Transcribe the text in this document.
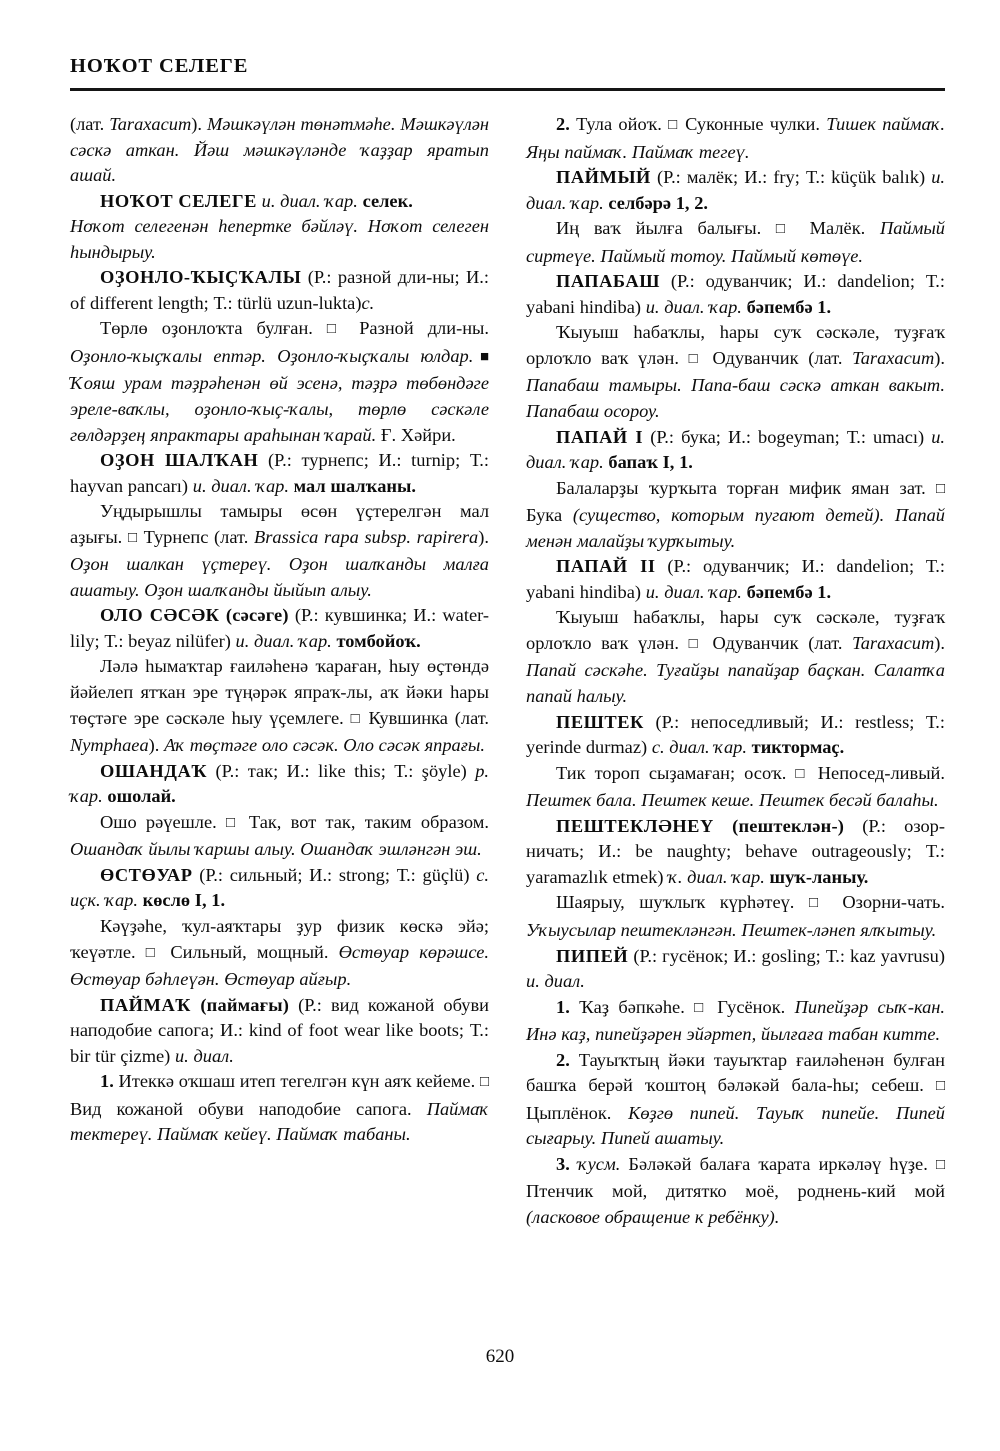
НОҠОТ СЕЛЕГЕ

(лат. Taraxacum). Мәшкәүлән төнәтмәһе. Мәшкәүлән сәскә аткан. Йәш мәшкәүләнде ҡаҙҙар яратып ашай.

НОҠОТ СЕЛЕГЕ и. диал. ҡар. селек.

Ноҡот селегенән һепертке бәйләү. Ноҡот селеген һындырыу.

ОҘОНЛО-ҠЫҪҠАЛЫ (Р.: разной дли-ны; И.: of different length; Т.: türlü uzun-lukta)с.

Төрлө оҙонлоҡта булған. □ Разной дли-ны. Оҙонло-ҡыҫҡалы ептәр. Оҙонло-ҡыҫҡалы юлдар.■ Ҡояш урам тәҙрәһенән өй эсенә, тәҙрә төбөндәге эреле-ваҡлы, оҙонло-ҡыҫ-ҡалы, төрлө сәскәле гөлдәрҙең япрактары араһынан ҡарай. Ғ. Хәйри.

ОҘОН ШАЛҠАН (Р.: турнепс; И.: turnip; Т.: hayvan pancarı) и. диал. ҡар. мал шалҡаны.

Уңдырышлы тамыры өсөн үҫтерелгән мал аҙығы. □ Турнепс (лат. Brassica rapa subsp. rapirera). Оҙон шалкан үҫтереү. Оҙон шалҡанды малға ашатыу. Оҙон шалҡанды йыйып алыу.

ОЛО СӘСӘК (сәсәге) (Р.: кувшинка; И.: water-lily; Т.: beyaz nilüfer) и. диал. ҡар. томбойоҡ.

Ләлә һымаҡтар ғаиләһенә ҡараған, һыу өҫтөндә йәйелеп ятҡан эре түңәрәк япраҡ-лы, аҡ йәки һары төҫтәге эре сәскәле һыу үҫемлеге. □ Кувшинка (лат. Nymphaea). Аҡ төҫтәге оло сәсәк. Оло сәсәк япрағы.

ОШАНДАҠ (Р.: так; И.: like this; Т.: şöyle) р. ҡар. ошолай.

Ошо рәүешле. □ Так, вот так, таким образом. Ошандаҡ йылы ҡаршы алыу. Ошандаҡ эшләнгән эш.

ӨСТӨУАР (Р.: сильный; И.: strong; Т.: güçlü) с. иҫк. ҡар. көслө I, 1.

Кәүҙәһе, ҡул-аяҡтары ҙур физик көскә эйә; ҡеүәтле. □ Сильный, мощный. Өстөуар көрәшсе. Өстөуар бәһлеүән. Өстөуар айғыр.

ПАЙМАҠ (паймағы) (Р.: вид кожаной обуви наподобие сапога; И.: kind of foot wear like boots; Т.: bir tür çizme) и. диал.

1. Итеккә оҡшаш итеп тегелгән күн аяҡ кейеме. □ Вид кожаной обуви наподобие сапога. Паймаҡ тектереү. Паймаҡ кейеү. Паймаҡ табаны.

2. Тула ойоҡ. □ Суконные чулки. Тишек паймаҡ. Яңы паймаҡ. Паймаҡ тегеү.

ПАЙМЫЙ (Р.: малёк; И.: fry; Т.: küçük balık) и. диал. ҡар. селбәрә 1, 2.

Иң ваҡ йылға балығы. □ Малёк. Паймый сиртеүе. Паймый тотоу. Паймый көтөүе.

ПАПАБАШ (Р.: одуванчик; И.: dandelion; Т.: yabani hindiba) и. диал. ҡар. бәпембә 1.

Ҡыуыш һабаҡлы, һары суҡ сәскәле, туҙғаҡ орлоҡло ваҡ үлән. □ Одуванчик (лат. Taraxacum). Папабаш тамыры. Папа-баш сәскә аткан вакыт. Папабаш осороу.

ПАПАЙ I (Р.: бука; И.: bogeyman; Т.: umacı) и. диал. ҡар. бапаҡ I, 1.

Балаларҙы ҡурҡыта торған мифик яман зат. □ Бука (существо, которым пугают детей). Папай менән малайҙы ҡурҡытыу.

ПАПАЙ II (Р.: одуванчик; И.: dandelion; Т.: yabani hindiba) и. диал. ҡар. бәпембә 1.

Ҡыуыш һабаҡлы, һары суҡ сәскәле, туҙғаҡ орлоҡло ваҡ үлән. □ Одуванчик (лат. Taraxacum). Папай сәскәһе. Туғайҙы папайҙар баҫкан. Салатҡа папай һалыу.

ПЕШТЕК (Р.: непоседливый; И.: restless; Т.: yerinde durmaz) с. диал. ҡар. тиктормаҫ.

Тик тороп сыҙамаған; осоҡ. □ Непосед-ливый. Пештек бала. Пештек кеше. Пештек бесәй балаһы.

ПЕШТЕКЛӘНЕҮ (пештеклән-) (Р.: озор-ничать; И.: be naughty; behave outrageously; Т.: yaramazlık etmek) ҡ. диал. ҡар. шуҡ-ланыу.

Шаярыу, шуҡлыҡ күрһәтеү. □ Озорни-чать. Уҡыусылар пештекләнгән. Пештек-ләнеп ялҡытыу.

ПИПЕЙ (Р.: гусёнок; И.: gosling; Т.: kaz yavrusu) и. диал.

1. Ҡаҙ бәпкәһе. □ Гусёнок. Пипейҙәр сыҡ-кан. Инә каҙ, пипейҙәрен эйәртеп, йылғаға табан китте.

2. Тауыҡтың йәки тауыҡтар ғаиләһенән булған башҡа берәй ҡоштоң бәләкәй бала-һы; себеш. □ Цыплёнок. Көҙгө пипей. Тауыҡ пипейе. Пипей сығарыу. Пипей ашатыу.

3. ҡусм. Бәләкәй балаға ҡарата иркәләү һүҙе. □ Птенчик мой, дитятко моё, роднень-кий мой (ласковое обращение к ребёнку).

620
